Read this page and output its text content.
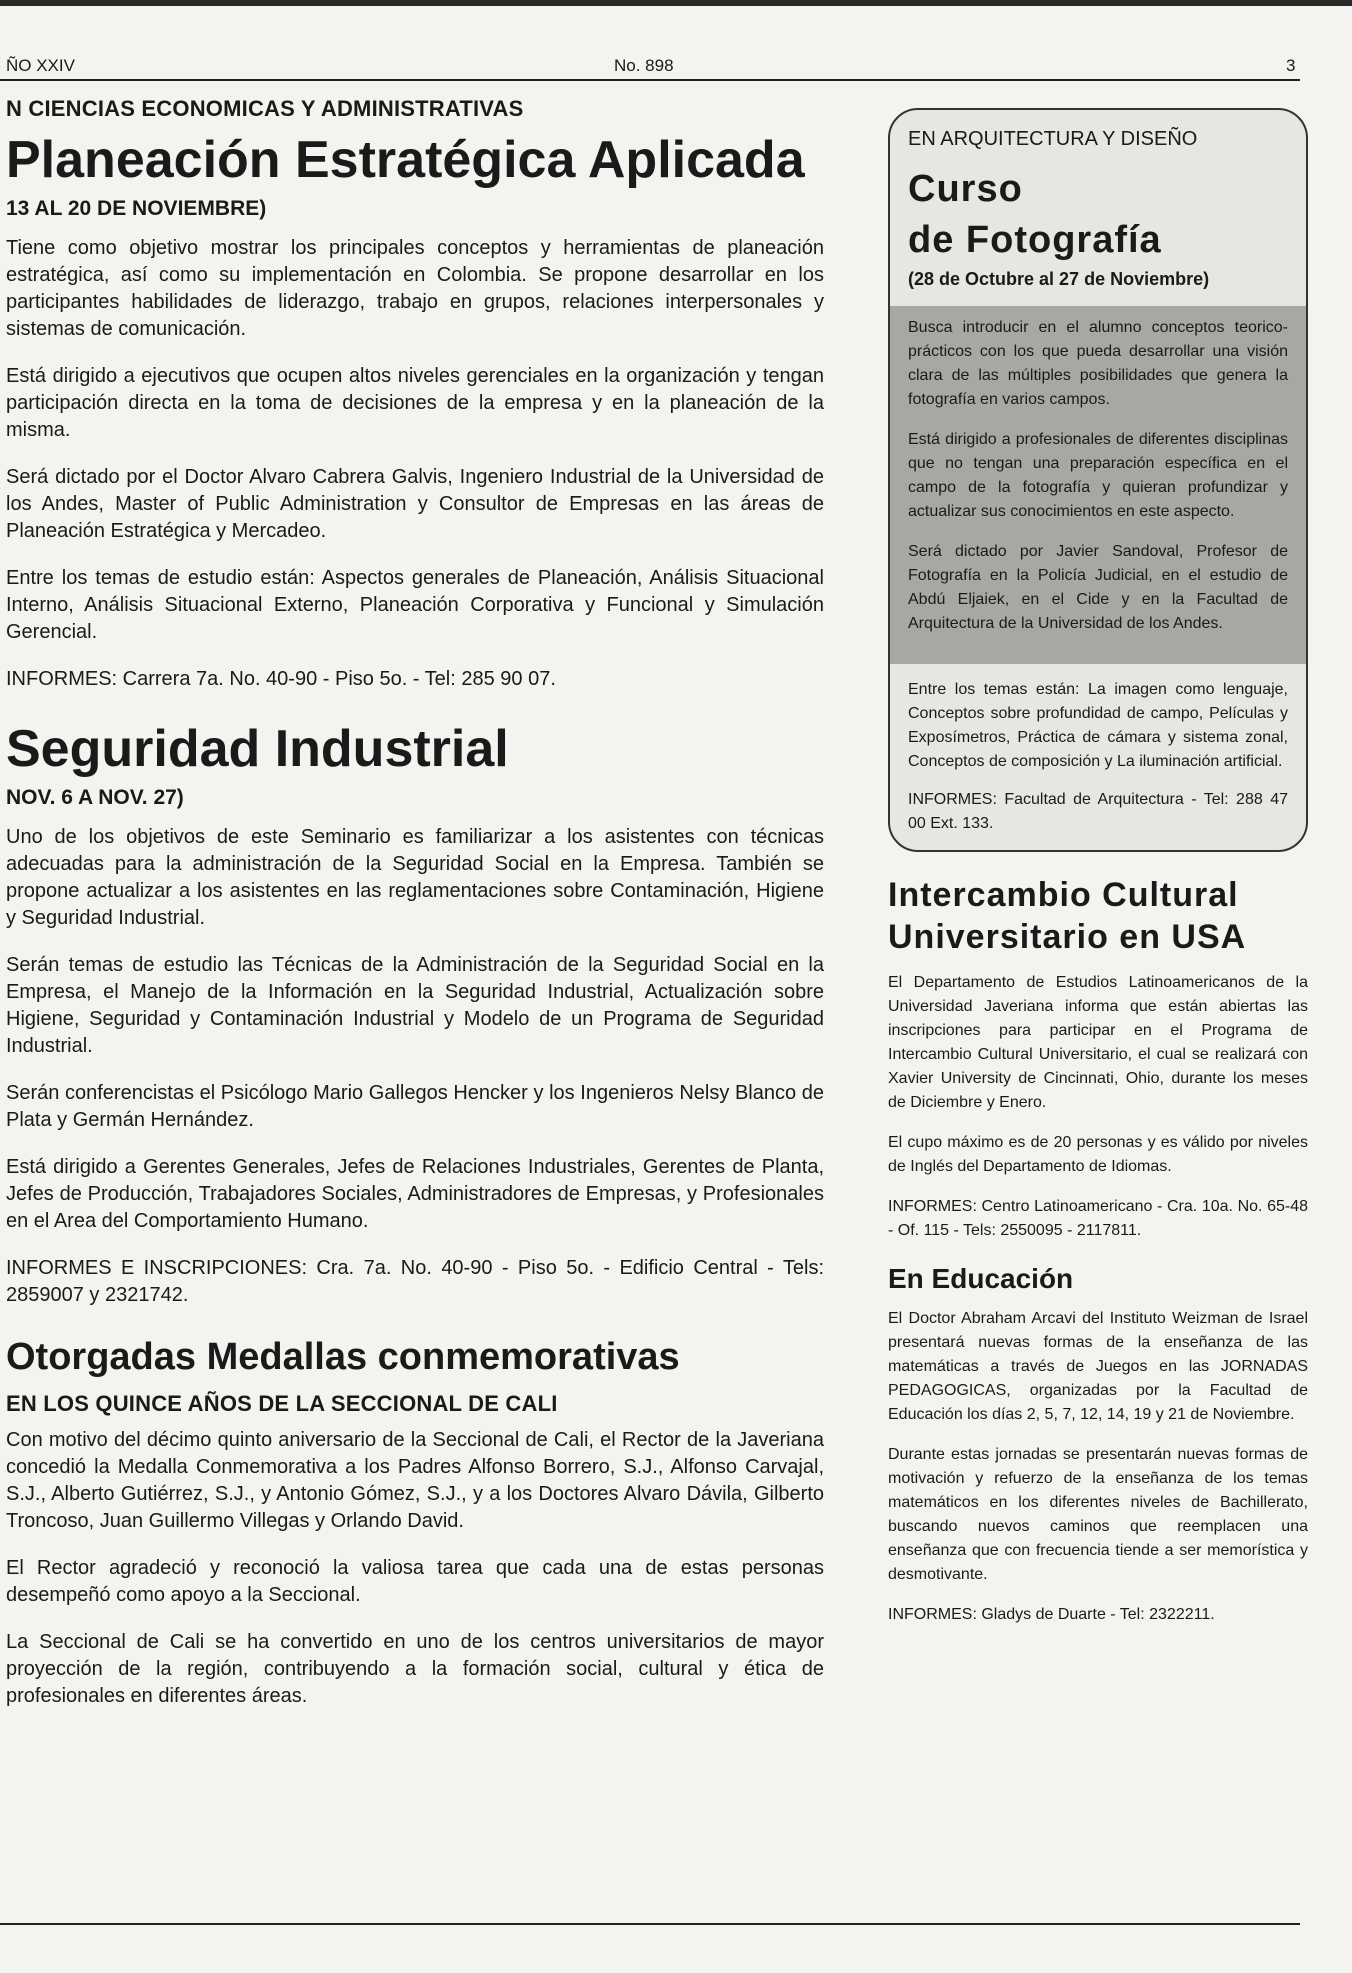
ÑO XXIV	No. 898	3
N CIENCIAS ECONOMICAS Y ADMINISTRATIVAS
Planeación Estratégica Aplicada
13 AL 20 DE NOVIEMBRE)

Tiene como objetivo mostrar los principales conceptos y herramientas de planeación estratégica, así como su implementación en Colombia. Se propone desarrollar en los participantes habilidades de liderazgo, trabajo en grupos, relaciones interpersonales y sistemas de comunicación.

Está dirigido a ejecutivos que ocupen altos niveles gerenciales en la organización y tengan participación directa en la toma de decisiones de la empresa y en la planeación de la misma.

Será dictado por el Doctor Alvaro Cabrera Galvis, Ingeniero Industrial de la Universidad de los Andes, Master of Public Administration y Consultor de Empresas en las áreas de Planeación Estratégica y Mercadeo.

Entre los temas de estudio están: Aspectos generales de Planeación, Análisis Situacional Interno, Análisis Situacional Externo, Planeación Corporativa y Funcional y Simulación Gerencial.

INFORMES: Carrera 7a. No. 40-90 - Piso 5o. - Tel: 285 90 07.

Seguridad Industrial
NOV. 6 A NOV. 27)

Uno de los objetivos de este Seminario es familiarizar a los asistentes con técnicas adecuadas para la administración de la Seguridad Social en la Empresa. También se propone actualizar a los asistentes en las reglamentaciones sobre Contaminación, Higiene y Seguridad Industrial.

Serán temas de estudio las Técnicas de la Administración de la Seguridad Social en la Empresa, el Manejo de la Información en la Seguridad Industrial, Actualización sobre Higiene, Seguridad y Contaminación Industrial y Modelo de un Programa de Seguridad Industrial.

Serán conferencistas el Psicólogo Mario Gallegos Hencker y los Ingenieros Nelsy Blanco de Plata y Germán Hernández.

Está dirigido a Gerentes Generales, Jefes de Relaciones Industriales, Gerentes de Planta, Jefes de Producción, Trabajadores Sociales, Administradores de Empresas, y Profesionales en el Area del Comportamiento Humano.

INFORMES E INSCRIPCIONES: Cra. 7a. No. 40-90 - Piso 5o. - Edificio Central - Tels: 2859007 y 2321742.

Otorgadas Medallas conmemorativas
EN LOS QUINCE AÑOS DE LA SECCIONAL DE CALI

Con motivo del décimo quinto aniversario de la Seccional de Cali, el Rector de la Javeriana concedió la Medalla Conmemorativa a los Padres Alfonso Borrero, S.J., Alfonso Carvajal, S.J., Alberto Gutiérrez, S.J., y Antonio Gómez, S.J., y a los Doctores Alvaro Dávila, Gilberto Troncoso, Juan Guillermo Villegas y Orlando David.

El Rector agradeció y reconoció la valiosa tarea que cada una de estas personas desempeñó como apoyo a la Seccional.

La Seccional de Cali se ha convertido en uno de los centros universitarios de mayor proyección de la región, contribuyendo a la formación social, cultural y ética de profesionales en diferentes áreas.

EN ARQUITECTURA Y DISEÑO
Curso
de Fotografía
(28 de Octubre al 27 de Noviembre)

Busca introducir en el alumno conceptos teorico-prácticos con los que pueda desarrollar una visión clara de las múltiples posibilidades que genera la fotografía en varios campos.

Está dirigido a profesionales de diferentes disciplinas que no tengan una preparación específica en el campo de la fotografía y quieran profundizar y actualizar sus conocimientos en este aspecto.

Será dictado por Javier Sandoval, Profesor de Fotografía en la Policía Judicial, en el estudio de Abdú Eljaiek, en el Cide y en la Facultad de Arquitectura de la Universidad de los Andes.

Entre los temas están: La imagen como lenguaje, Conceptos sobre profundidad de campo, Películas y Exposímetros, Práctica de cámara y sistema zonal, Conceptos de composición y La iluminación artificial.

INFORMES: Facultad de Arquitectura - Tel: 288 47 00 Ext. 133.

Intercambio Cultural
Universitario en USA

El Departamento de Estudios Latinoamericanos de la Universidad Javeriana informa que están abiertas las inscripciones para participar en el Programa de Intercambio Cultural Universitario, el cual se realizará con Xavier University de Cincinnati, Ohio, durante los meses de Diciembre y Enero.

El cupo máximo es de 20 personas y es válido por niveles de Inglés del Departamento de Idiomas.

INFORMES: Centro Latinoamericano - Cra. 10a. No. 65-48 - Of. 115 - Tels: 2550095 - 2117811.

En Educación

El Doctor Abraham Arcavi del Instituto Weizman de Israel presentará nuevas formas de la enseñanza de las matemáticas a través de Juegos en las JORNADAS PEDAGOGICAS, organizadas por la Facultad de Educación los días 2, 5, 7, 12, 14, 19 y 21 de Noviembre.

Durante estas jornadas se presentarán nuevas formas de motivación y refuerzo de la enseñanza de los temas matemáticos en los diferentes niveles de Bachillerato, buscando nuevos caminos que reemplacen una enseñanza que con frecuencia tiende a ser memorística y desmotivante.

INFORMES: Gladys de Duarte - Tel: 2322211.
